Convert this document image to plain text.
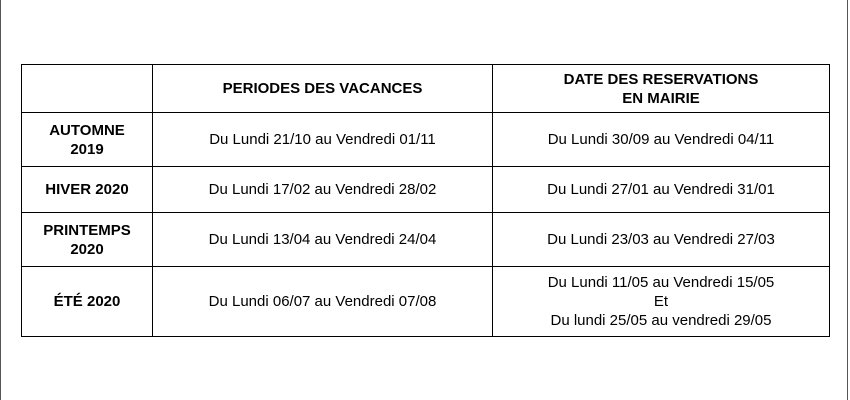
	PERIODES DES VACANCES	DATE DES RESERVATIONS
EN MAIRIE

AUTOMNE
2019	Du Lundi 21/10 au Vendredi 01/11	Du Lundi 30/09 au Vendredi 04/11
HIVER 2020	Du Lundi 17/02 au Vendredi 28/02	Du Lundi 27/01 au Vendredi 31/01

PRINTEMPS
2020	Du Lundi 13/04 au Vendredi 24/04	Du Lundi 23/03 au Vendredi 27/03
ÉTÉ 2020	Du Lundi 06/07 au Vendredi 07/08	Du Lundi 11/05 au Vendredi 15/05
Et
Du lundi 25/05 au vendredi 29/05
